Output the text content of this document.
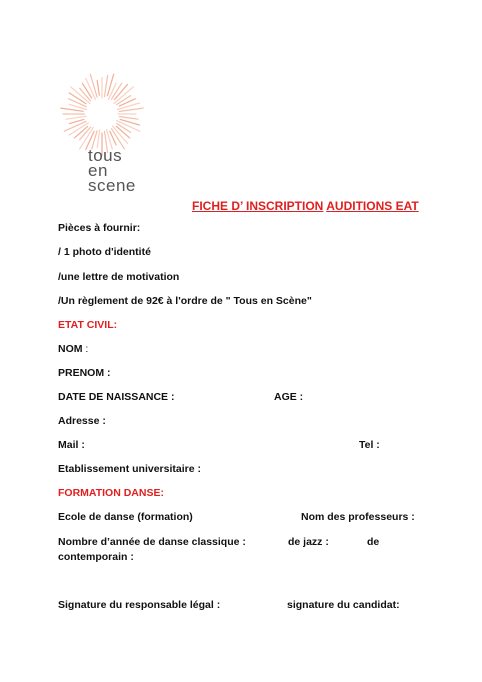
tous
en
scene
FICHE D’ INSCRIPTION AUDITIONS EAT
Pièces à fournir:
/ 1 photo d'identité
/une lettre de motivation
/Un règlement de 92€ à l'ordre de " Tous en Scène"
ETAT CIVIL:
NOM :
PRENOM :
DATE DE NAISSANCE :	AGE :
Adresse :
Mail :	Tel :
Etablissement universitaire :
FORMATION DANSE:
Ecole de danse (formation)	Nom des professeurs :
Nombre d’année de danse classique :	de jazz :	de
contemporain :
Signature du responsable légal :	signature du candidat:
